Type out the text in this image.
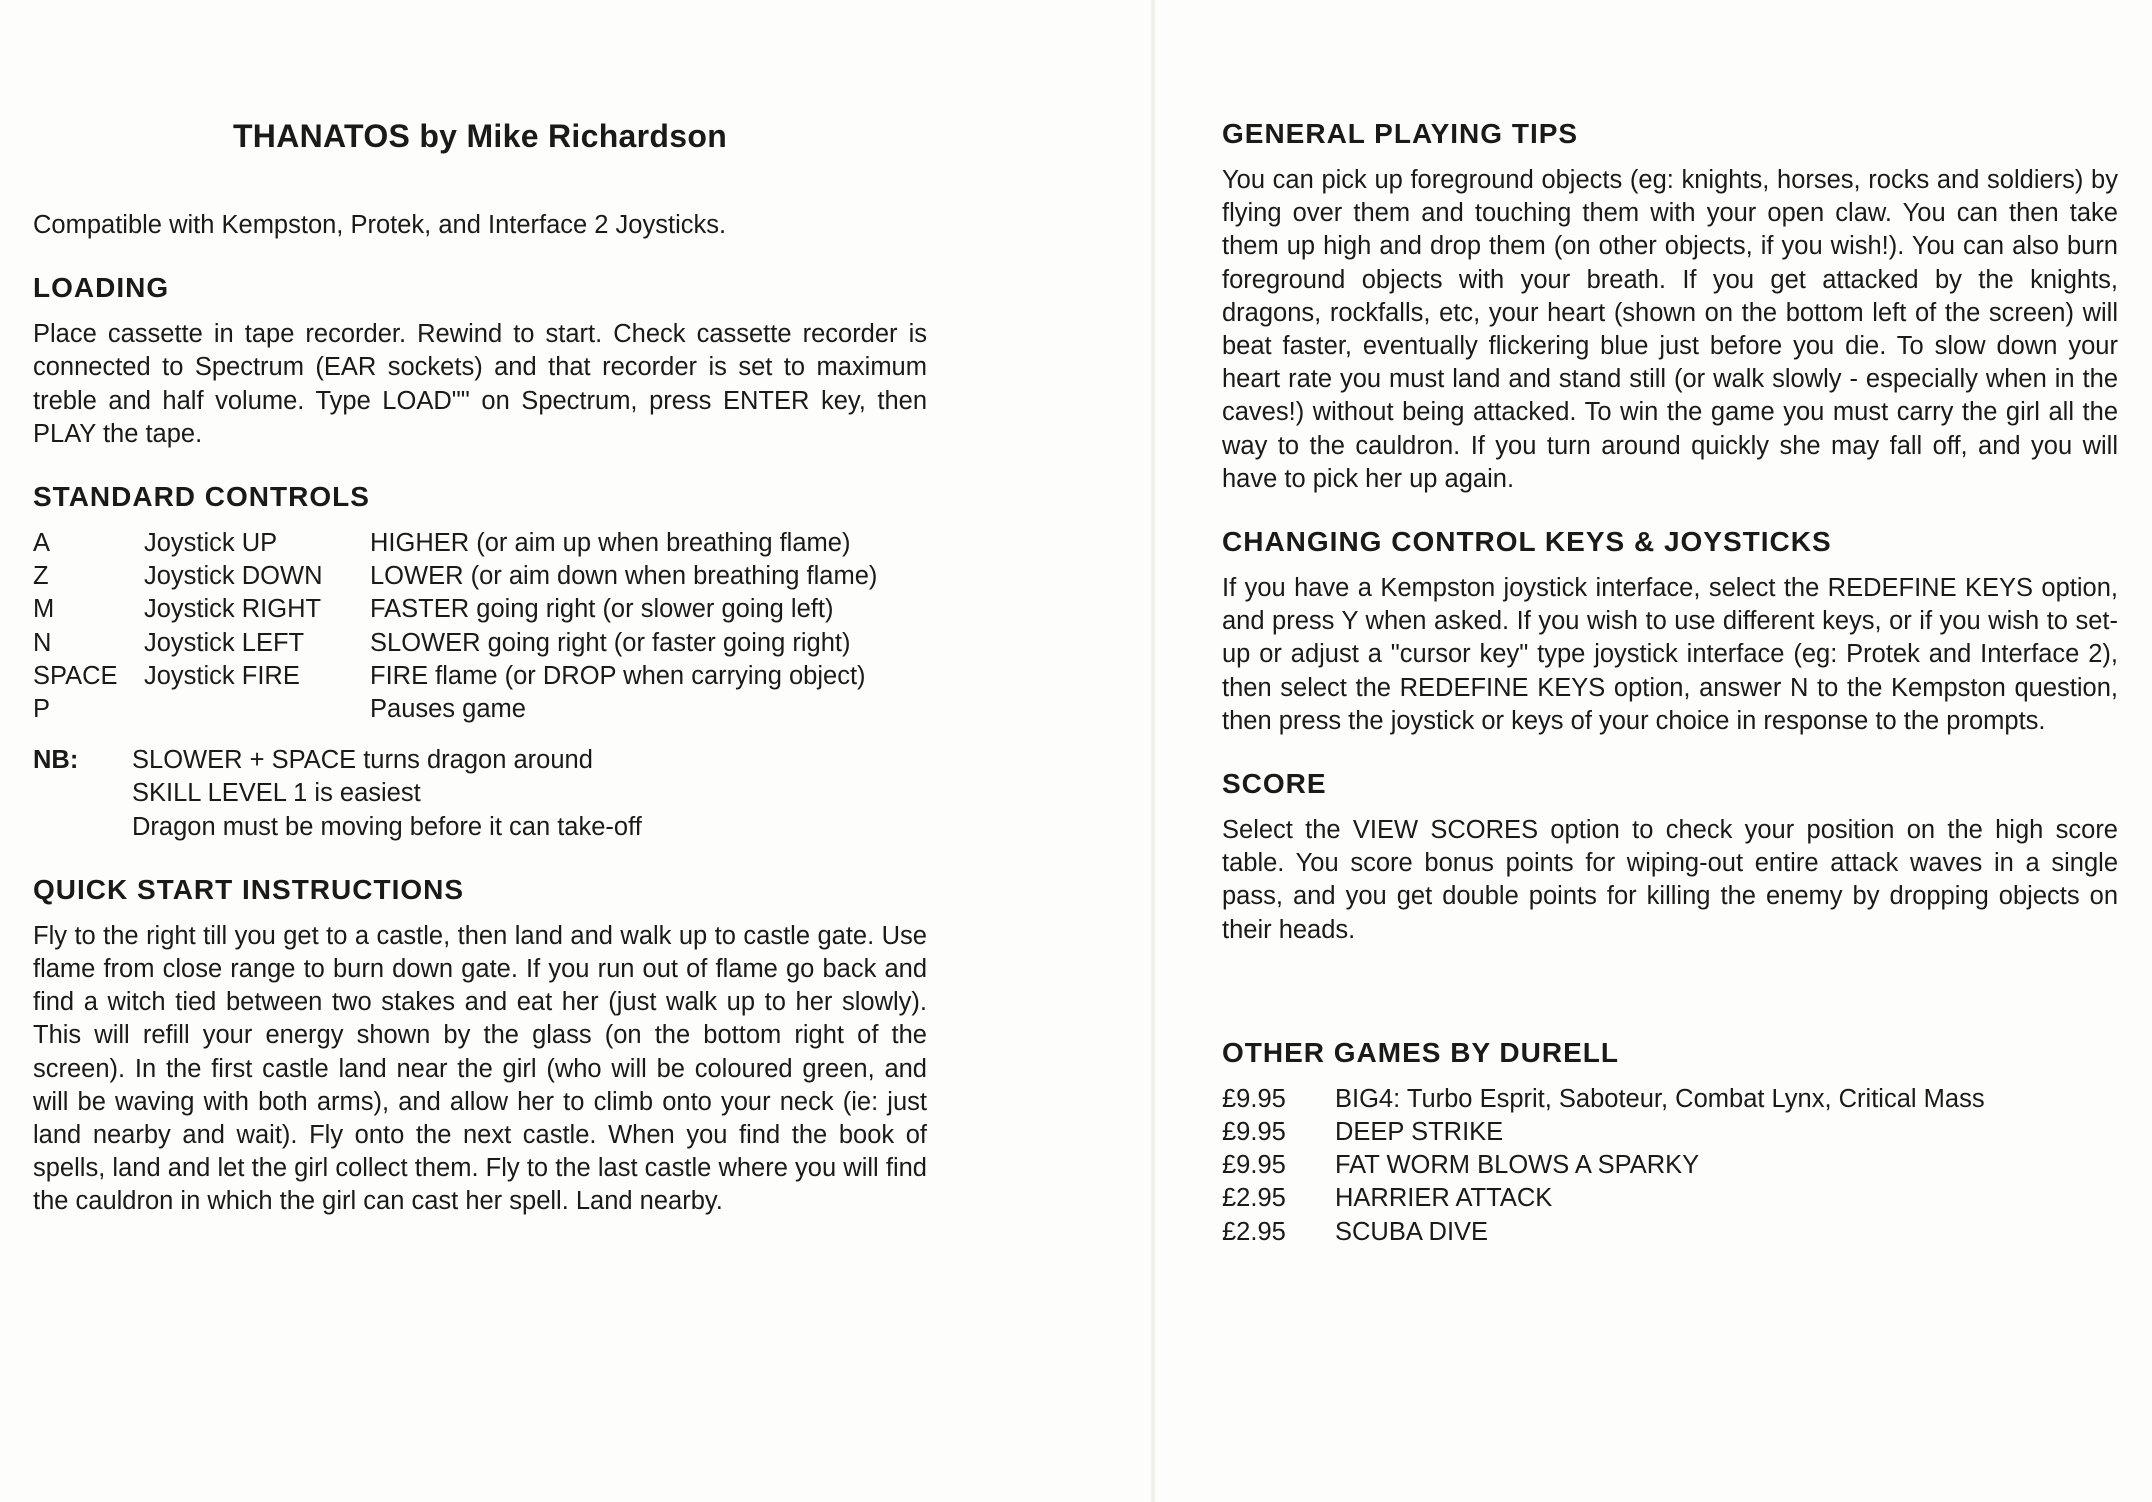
THANATOS by Mike Richardson

Compatible with Kempston, Protek, and Interface 2 Joysticks.

LOADING

Place cassette in tape recorder. Rewind to start. Check cassette recorder is connected to Spectrum (EAR sockets) and that recorder is set to maximum treble and half volume. Type LOAD"" on Spectrum, press ENTER key, then PLAY the tape.

STANDARD CONTROLS
A	Joystick UP	HIGHER (or aim up when breathing flame)
Z	Joystick DOWN	LOWER (or aim down when breathing flame)
M	Joystick RIGHT	FASTER going right (or slower going left)
N	Joystick LEFT	SLOWER going right (or faster going right)
SPACE	Joystick FIRE	FIRE flame (or DROP when carrying object)
P		Pauses game
NB:	SLOWER + SPACE turns dragon around
SKILL LEVEL 1 is easiest
Dragon must be moving before it can take-off
QUICK START INSTRUCTIONS

Fly to the right till you get to a castle, then land and walk up to castle gate. Use flame from close range to burn down gate. If you run out of flame go back and find a witch tied between two stakes and eat her (just walk up to her slowly). This will refill your energy shown by the glass (on the bottom right of the screen). In the first castle land near the girl (who will be coloured green, and will be waving with both arms), and allow her to climb onto your neck (ie: just land nearby and wait). Fly onto the next castle. When you find the book of spells, land and let the girl collect them. Fly to the last castle where you will find the cauldron in which the girl can cast her spell. Land nearby.

GENERAL PLAYING TIPS

You can pick up foreground objects (eg: knights, horses, rocks and soldiers) by flying over them and touching them with your open claw. You can then take them up high and drop them (on other objects, if you wish!). You can also burn foreground objects with your breath. If you get attacked by the knights, dragons, rockfalls, etc, your heart (shown on the bottom left of the screen) will beat faster, eventually flickering blue just before you die. To slow down your heart rate you must land and stand still (or walk slowly - especially when in the caves!) without being attacked. To win the game you must carry the girl all the way to the cauldron. If you turn around quickly she may fall off, and you will have to pick her up again.

CHANGING CONTROL KEYS & JOYSTICKS

If you have a Kempston joystick interface, select the REDEFINE KEYS option, and press Y when asked. If you wish to use different keys, or if you wish to set-up or adjust a "cursor key" type joystick interface (eg: Protek and Interface 2), then select the REDEFINE KEYS option, answer N to the Kempston question, then press the joystick or keys of your choice in response to the prompts.

SCORE

Select the VIEW SCORES option to check your position on the high score table. You score bonus points for wiping-out entire attack waves in a single pass, and you get double points for killing the enemy by dropping objects on their heads.

OTHER GAMES BY DURELL
£9.95	BIG4: Turbo Esprit, Saboteur, Combat Lynx, Critical Mass
£9.95	DEEP STRIKE
£9.95	FAT WORM BLOWS A SPARKY
£2.95	HARRIER ATTACK
£2.95	SCUBA DIVE
